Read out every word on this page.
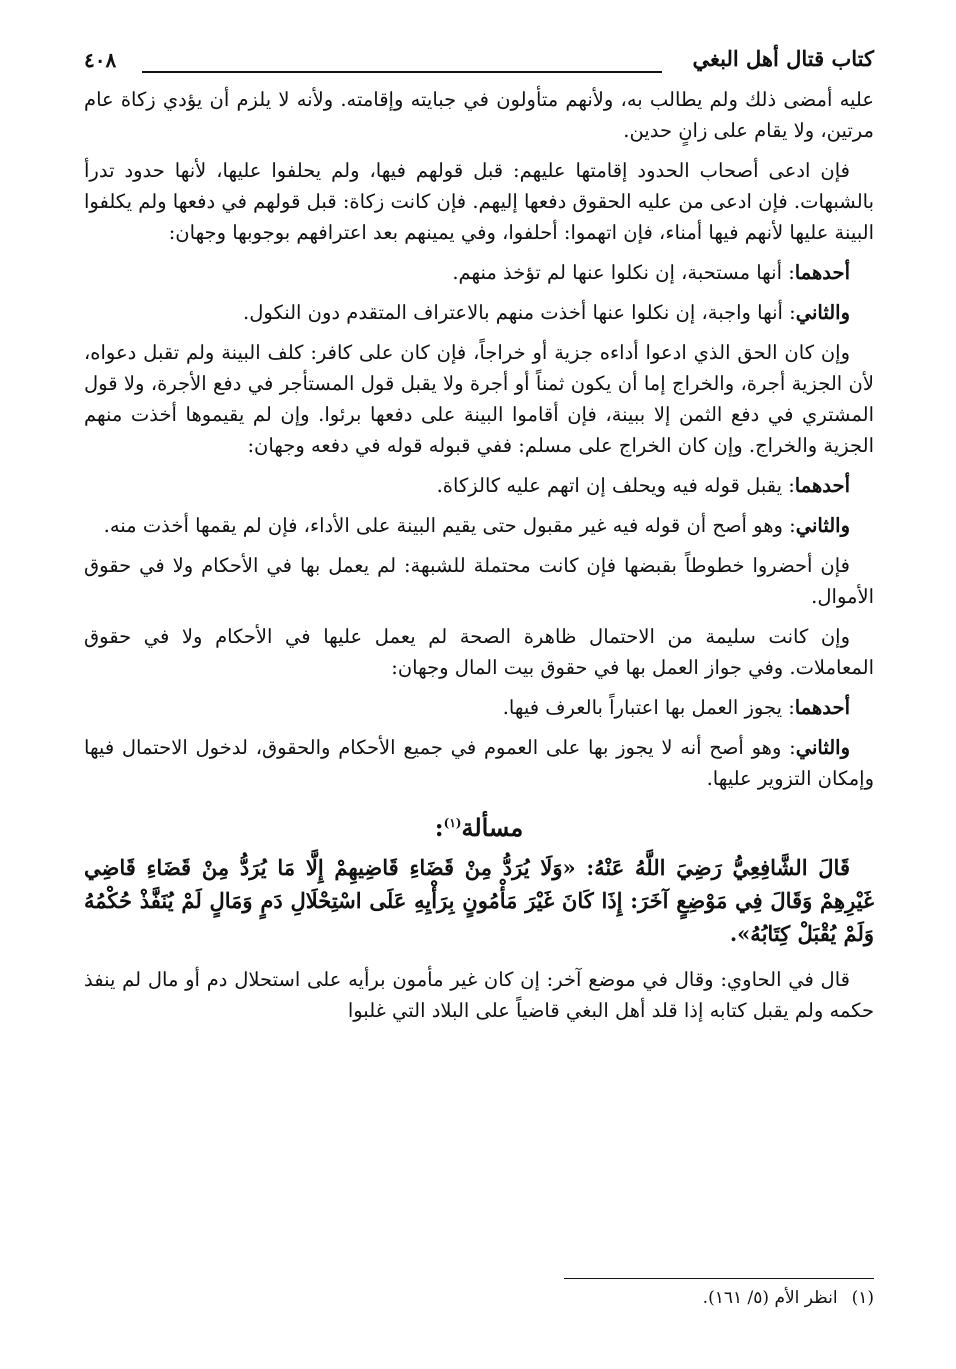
كتاب قتال أهل البغي
٤٠٨

عليه أمضى ذلك ولم يطالب به، ولأنهم متأولون في جبايته وإقامته. ولأنه لا يلزم أن يؤدي زكاة عام مرتين، ولا يقام على زانٍ حدين.

فإن ادعى أصحاب الحدود إقامتها عليهم: قبل قولهم فيها، ولم يحلفوا عليها، لأنها حدود تدرأ بالشبهات. فإن ادعى من عليه الحقوق دفعها إليهم. فإن كانت زكاة: قبل قولهم في دفعها ولم يكلفوا البينة عليها لأنهم فيها أمناء، فإن اتهموا: أحلفوا، وفي يمينهم بعد اعترافهم بوجوبها وجهان:

أحدهما: أنها مستحبة، إن نكلوا عنها لم تؤخذ منهم.

والثاني: أنها واجبة، إن نكلوا عنها أخذت منهم بالاعتراف المتقدم دون النكول.

وإن كان الحق الذي ادعوا أداءه جزية أو خراجاً، فإن كان على كافر: كلف البينة ولم تقبل دعواه، لأن الجزية أجرة، والخراج إما أن يكون ثمناً أو أجرة ولا يقبل قول المستأجر في دفع الأجرة، ولا قول المشتري في دفع الثمن إلا ببينة، فإن أقاموا البينة على دفعها برئوا. وإن لم يقيموها أخذت منهم الجزية والخراج. وإن كان الخراج على مسلم: ففي قبوله قوله في دفعه وجهان:

أحدهما: يقبل قوله فيه ويحلف إن اتهم عليه كالزكاة.

والثاني: وهو أصح أن قوله فيه غير مقبول حتى يقيم البينة على الأداء، فإن لم يقمها أخذت منه.

فإن أحضروا خطوطاً بقبضها فإن كانت محتملة للشبهة: لم يعمل بها في الأحكام ولا في حقوق الأموال.

وإن كانت سليمة من الاحتمال ظاهرة الصحة لم يعمل عليها في الأحكام ولا في حقوق المعاملات. وفي جواز العمل بها في حقوق بيت المال وجهان:

أحدهما: يجوز العمل بها اعتباراً بالعرف فيها.

والثاني: وهو أصح أنه لا يجوز بها على العموم في جميع الأحكام والحقوق، لدخول الاحتمال فيها وإمكان التزوير عليها.

مسألة$^{(١)}$:

قَالَ الشَّافِعِيُّ رَضِيَ اللَّهُ عَنْهُ: «وَلَا يُرَدُّ مِنْ قَضَاءِ قَاضِيهِمْ إِلَّا مَا يُرَدُّ مِنْ قَضَاءِ قَاضِي غَيْرِهِمْ وَقَالَ فِي مَوْضِعٍ آخَرَ: إِذَا كَانَ غَيْرَ مَأْمُونٍ بِرَأْيِهِ عَلَى اسْتِحْلَالِ دَمٍ وَمَالٍ لَمْ يُنَفَّذْ حُكْمُهُ وَلَمْ يُقْبَلْ كِتَابُهُ».

قال في الحاوي: وقال في موضع آخر: إن كان غير مأمون برأيه على استحلال دم أو مال لم ينفذ حكمه ولم يقبل كتابه إذا قلد أهل البغي قاضياً على البلاد التي غلبوا

(١)انظر الأم (٥/ ١٦١).
